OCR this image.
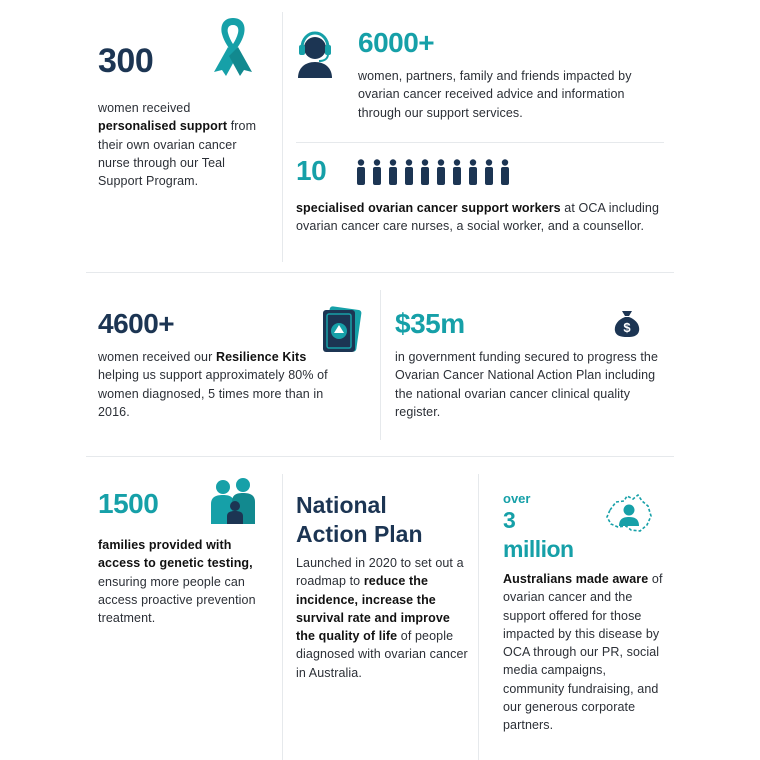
300
women received
personalised support from their own ovarian cancer nurse through our Teal Support Program.
6000+
women, partners, family and friends impacted by ovarian cancer received advice and information through our support services.
10
specialised ovarian cancer support workers at OCA including ovarian cancer care nurses, a social worker, and a counsellor.
4600+
women received our Resilience Kits helping us support approximately 80% of women diagnosed, 5 times more than in 2016.
$35m	$
in government funding secured to progress the Ovarian Cancer National Action Plan including the national ovarian cancer clinical quality register.
1500
families provided with access to genetic testing, ensuring more people can access proactive prevention treatment.
National
Action Plan
Launched in 2020 to set out a roadmap to reduce the incidence, increase the survival rate and improve the quality of life of people diagnosed with ovarian cancer in Australia.
over
3
million
Australians made aware of ovarian cancer and the support offered for those impacted by this disease by OCA through our PR, social media campaigns, community fundraising, and our generous corporate partners.
